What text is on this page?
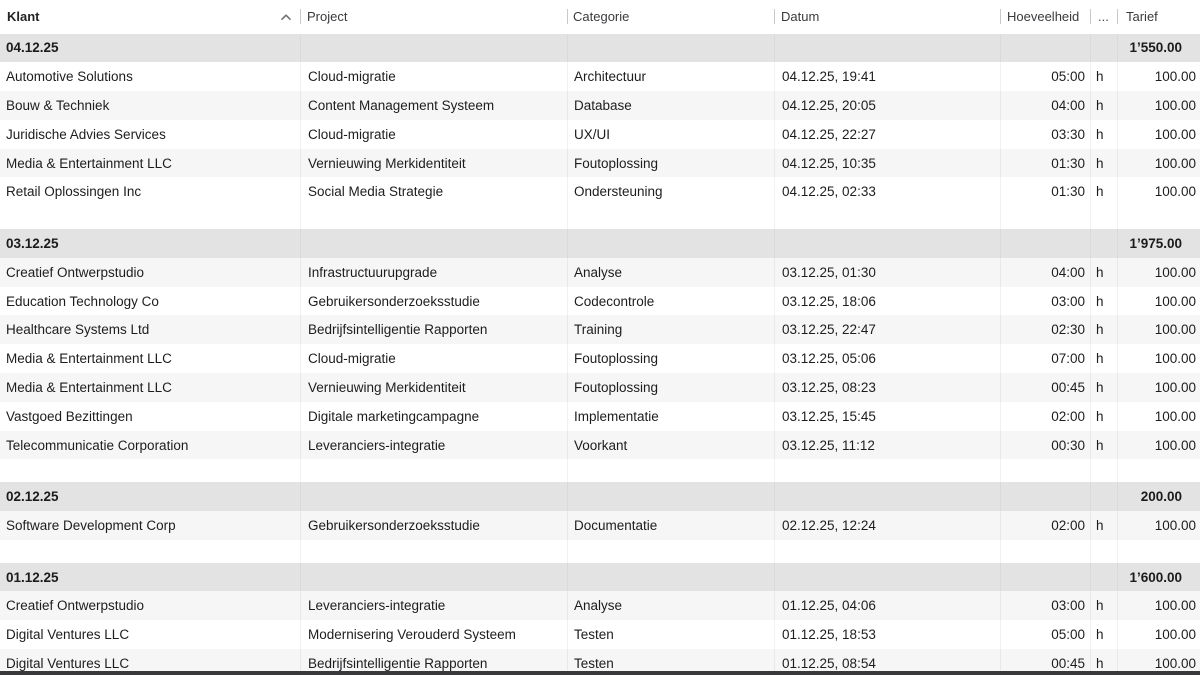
Klant	Project	Categorie	Datum	Hoeveelheid ... Tarief
04.12.25	1’550.00
Automotive Solutions	Cloud-migratie	Architectuur	04.12.25, 19:41	05:00 h	100.00
Bouw & Techniek	Content Management Systeem	Database	04.12.25, 20:05	04:00 h	100.00
Juridische Advies Services	Cloud-migratie	UX/UI	04.12.25, 22:27	03:30 h	100.00
Media & Entertainment LLC	Vernieuwing Merkidentiteit	Foutoplossing	04.12.25, 10:35	01:30 h	100.00
Retail Oplossingen Inc	Social Media Strategie	Ondersteuning	04.12.25, 02:33	01:30 h	100.00
03.12.25	1’975.00
Creatief Ontwerpstudio	Infrastructuurupgrade	Analyse	03.12.25, 01:30	04:00 h	100.00
Education Technology Co	Gebruikersonderzoeksstudie	Codecontrole	03.12.25, 18:06	03:00 h	100.00
Healthcare Systems Ltd	Bedrijfsintelligentie Rapporten	Training	03.12.25, 22:47	02:30 h	100.00
Media & Entertainment LLC	Cloud-migratie	Foutoplossing	03.12.25, 05:06	07:00 h	100.00
Media & Entertainment LLC	Vernieuwing Merkidentiteit	Foutoplossing	03.12.25, 08:23	00:45 h	100.00
Vastgoed Bezittingen	Digitale marketingcampagne	Implementatie	03.12.25, 15:45	02:00 h	100.00
Telecommunicatie Corporation	Leveranciers-integratie	Voorkant	03.12.25, 11:12	00:30 h	100.00
02.12.25	200.00
Software Development Corp	Gebruikersonderzoeksstudie	Documentatie	02.12.25, 12:24	02:00 h	100.00
01.12.25	1’600.00
Creatief Ontwerpstudio	Leveranciers-integratie	Analyse	01.12.25, 04:06	03:00 h	100.00
Digital Ventures LLC	Modernisering Verouderd Systeem	Testen	01.12.25, 18:53	05:00 h	100.00
Digital Ventures LLC	Bedrijfsintelligentie Rapporten	Testen	01.12.25, 08:54	00:45 h	100.00
